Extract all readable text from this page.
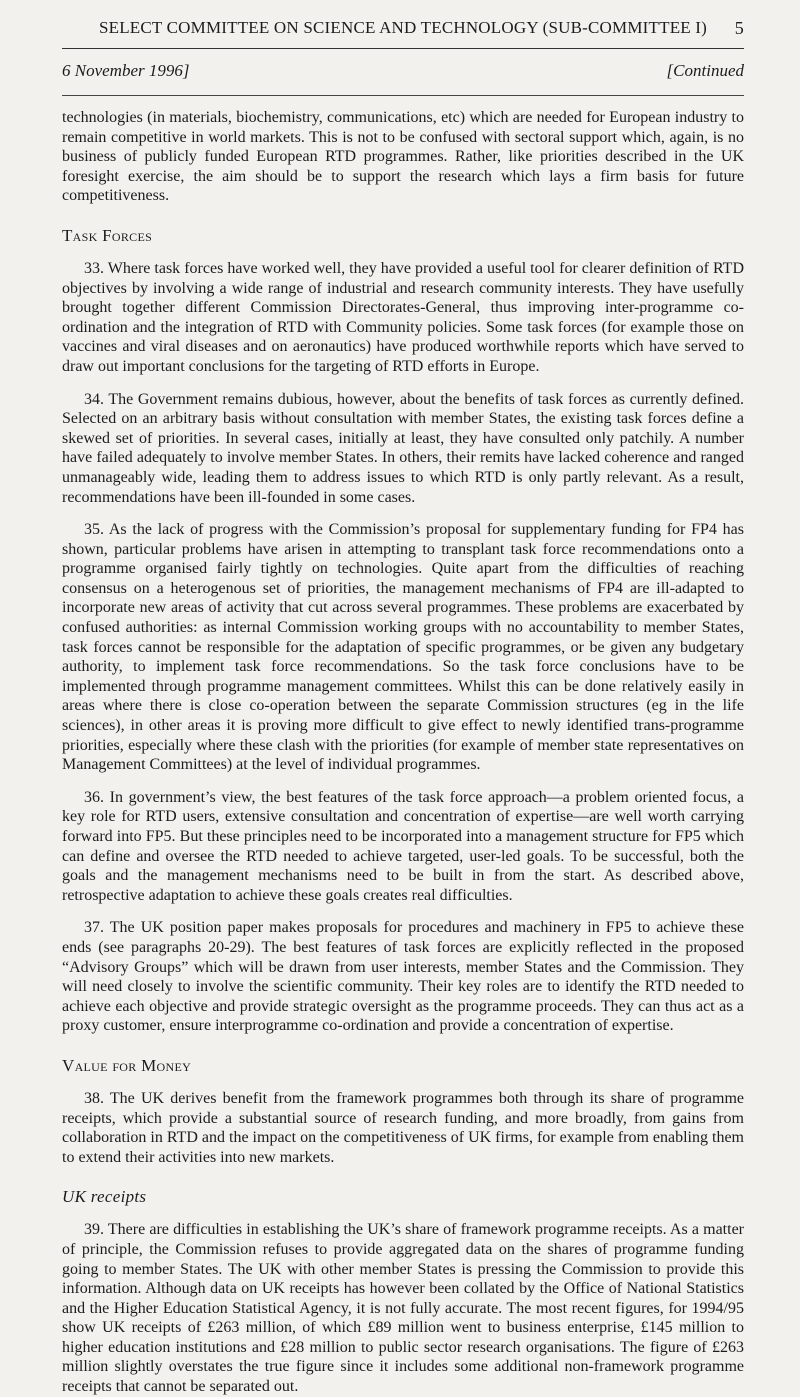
SELECT COMMITTEE ON SCIENCE AND TECHNOLOGY (SUB-COMMITTEE I) 5
6 November 1996]	[Continued

technologies (in materials, biochemistry, communications, etc) which are needed for European industry to remain competitive in world markets. This is not to be confused with sectoral support which, again, is no business of publicly funded European RTD programmes. Rather, like priorities described in the UK foresight exercise, the aim should be to support the research which lays a firm basis for future competitiveness.

Task Forces

33. Where task forces have worked well, they have provided a useful tool for clearer definition of RTD objectives by involving a wide range of industrial and research community interests. They have usefully brought together different Commission Directorates-General, thus improving inter-programme co-ordination and the integration of RTD with Community policies. Some task forces (for example those on vaccines and viral diseases and on aeronautics) have produced worthwhile reports which have served to draw out important conclusions for the targeting of RTD efforts in Europe.

34. The Government remains dubious, however, about the benefits of task forces as currently defined. Selected on an arbitrary basis without consultation with member States, the existing task forces define a skewed set of priorities. In several cases, initially at least, they have consulted only patchily. A number have failed adequately to involve member States. In others, their remits have lacked coherence and ranged unmanageably wide, leading them to address issues to which RTD is only partly relevant. As a result, recommendations have been ill-founded in some cases.

35. As the lack of progress with the Commission’s proposal for supplementary funding for FP4 has shown, particular problems have arisen in attempting to transplant task force recommendations onto a programme organised fairly tightly on technologies. Quite apart from the difficulties of reaching consensus on a heterogenous set of priorities, the management mechanisms of FP4 are ill-adapted to incorporate new areas of activity that cut across several programmes. These problems are exacerbated by confused authorities: as internal Commission working groups with no accountability to member States, task forces cannot be responsible for the adaptation of specific programmes, or be given any budgetary authority, to implement task force recommendations. So the task force conclusions have to be implemented through programme management committees. Whilst this can be done relatively easily in areas where there is close co-operation between the separate Commission structures (eg in the life sciences), in other areas it is proving more difficult to give effect to newly identified trans-programme priorities, especially where these clash with the priorities (for example of member state representatives on Management Committees) at the level of individual programmes.

36. In government’s view, the best features of the task force approach—a problem oriented focus, a key role for RTD users, extensive consultation and concentration of expertise—are well worth carrying forward into FP5. But these principles need to be incorporated into a management structure for FP5 which can define and oversee the RTD needed to achieve targeted, user-led goals. To be successful, both the goals and the management mechanisms need to be built in from the start. As described above, retrospective adaptation to achieve these goals creates real difficulties.

37. The UK position paper makes proposals for procedures and machinery in FP5 to achieve these ends (see paragraphs 20-29). The best features of task forces are explicitly reflected in the proposed “Advisory Groups” which will be drawn from user interests, member States and the Commission. They will need closely to involve the scientific community. Their key roles are to identify the RTD needed to achieve each objective and provide strategic oversight as the programme proceeds. They can thus act as a proxy customer, ensure interprogramme co-ordination and provide a concentration of expertise.

Value for Money

38. The UK derives benefit from the framework programmes both through its share of programme receipts, which provide a substantial source of research funding, and more broadly, from gains from collaboration in RTD and the impact on the competitiveness of UK firms, for example from enabling them to extend their activities into new markets.

UK receipts

39. There are difficulties in establishing the UK’s share of framework programme receipts. As a matter of principle, the Commission refuses to provide aggregated data on the shares of programme funding going to member States. The UK with other member States is pressing the Commission to provide this information. Although data on UK receipts has however been collated by the Office of National Statistics and the Higher Education Statistical Agency, it is not fully accurate. The most recent figures, for 1994/95 show UK receipts of £263 million, of which £89 million went to business enterprise, £145 million to higher education institutions and £28 million to public sector research organisations. The figure of £263 million slightly overstates the true figure since it includes some additional non-framework programme receipts that cannot be separated out.
